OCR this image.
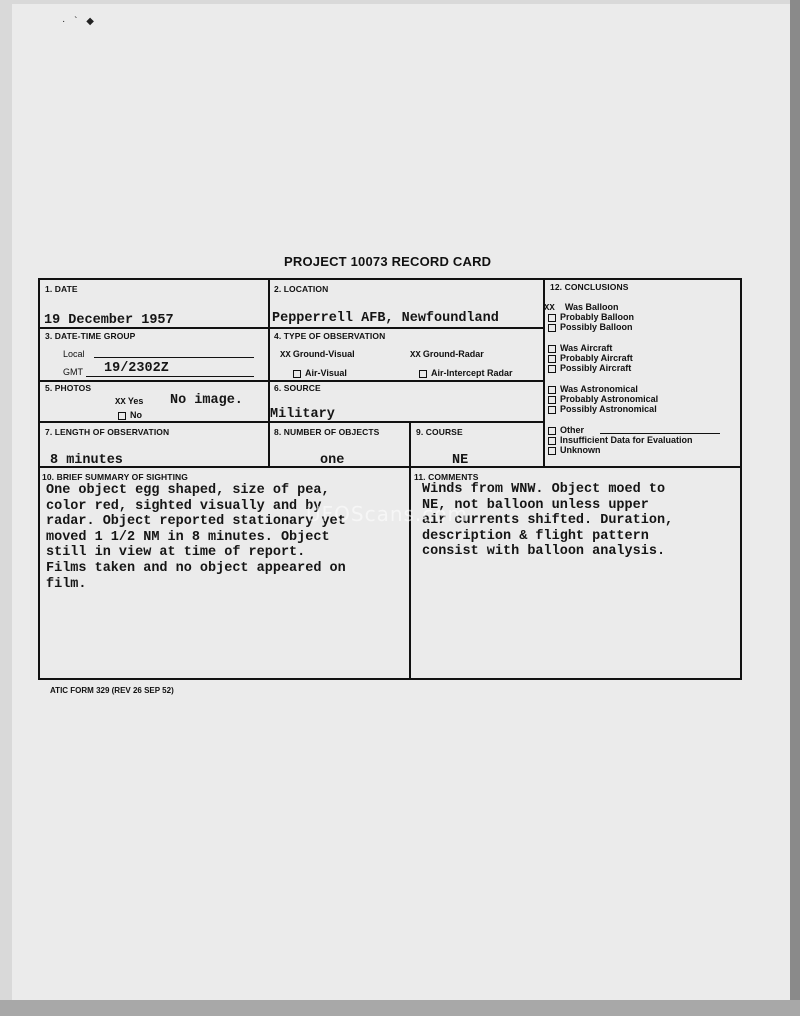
· ` ◆
PROJECT 10073 RECORD CARD
1. DATE
19 December 1957
2. LOCATION
Pepperrell AFB, Newfoundland
3. DATE-TIME GROUP
Local
GMT 19/2302Z
4. TYPE OF OBSERVATION
XX Ground-Visual	XX Ground-Radar
Air-Visual	Air-Intercept Radar
5. PHOTOS
XX Yes No image.
No
6. SOURCE
Military
7. LENGTH OF OBSERVATION
8 minutes
8. NUMBER OF OBJECTS
one
9. COURSE
NE
10. BRIEF SUMMARY OF SIGHTING
One object egg shaped, size of pea,
color red, sighted visually and by
radar. Object reported stationary yet
moved 1 1/2 NM in 8 minutes. Object
still in view at time of report.
Films taken and no object appeared on
film.
11. COMMENTS
Winds from WNW. Object moed to
NE, not balloon unless upper
air currents shifted. Duration,
description & flight pattern
consist with balloon analysis.
12. CONCLUSIONS
XX Was Balloon
Probably Balloon
Possibly Balloon
Was Aircraft
Probably Aircraft
Possibly Aircraft
Was Astronomical
Probably Astronomical
Possibly Astronomical
Other
Insufficient Data for Evaluation
Unknown
UFOScans.com
ATIC FORM 329 (REV 26 SEP 52)
